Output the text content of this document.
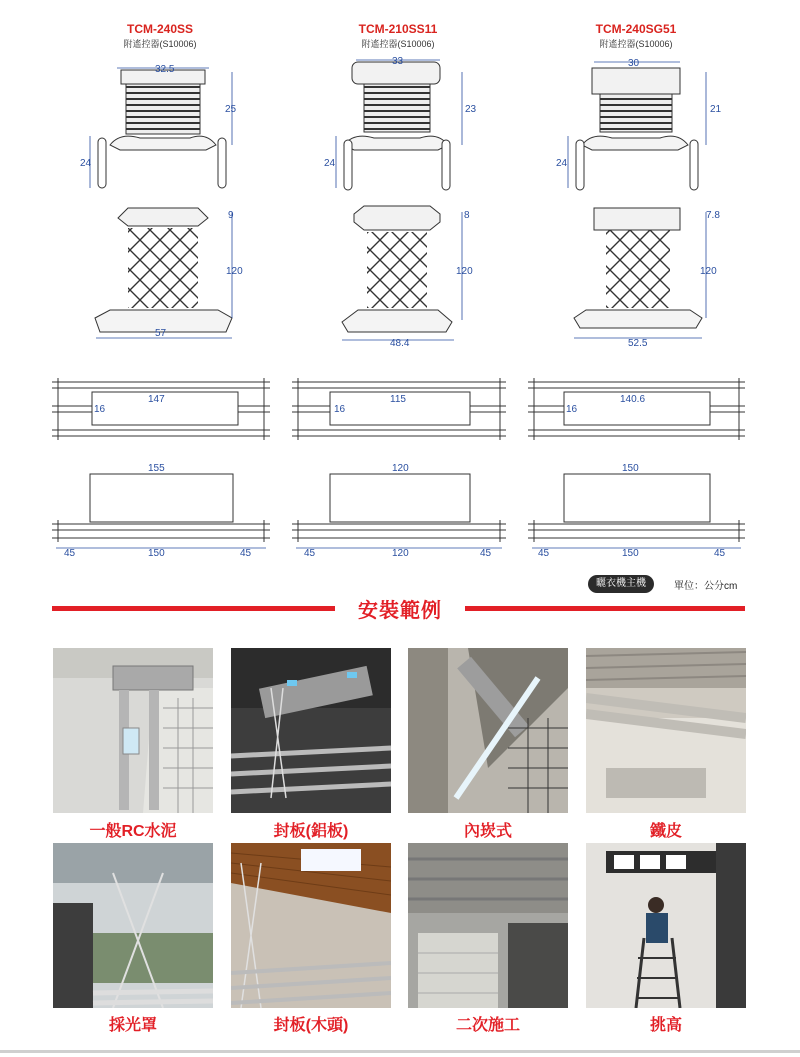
TCM-240SS
附遙控器(S10006)
TCM-210SS11
附遙控器(S10006)
TCM-240SG51
附遙控器(S10006)
32.5
33	30
25	23	21
24	24	24
9	8	7.8
120	120	120
57
48.4	52.5
147	115	140.6
16	16	16
155	120	150
45	150	45	45	120	45	45	150	45
曬衣機主機	單位：公分cm
安裝範例
一般RC水泥	封板(鋁板)	內崁式	鐵皮
採光罩	封板(木頭)	二次施工	挑高
